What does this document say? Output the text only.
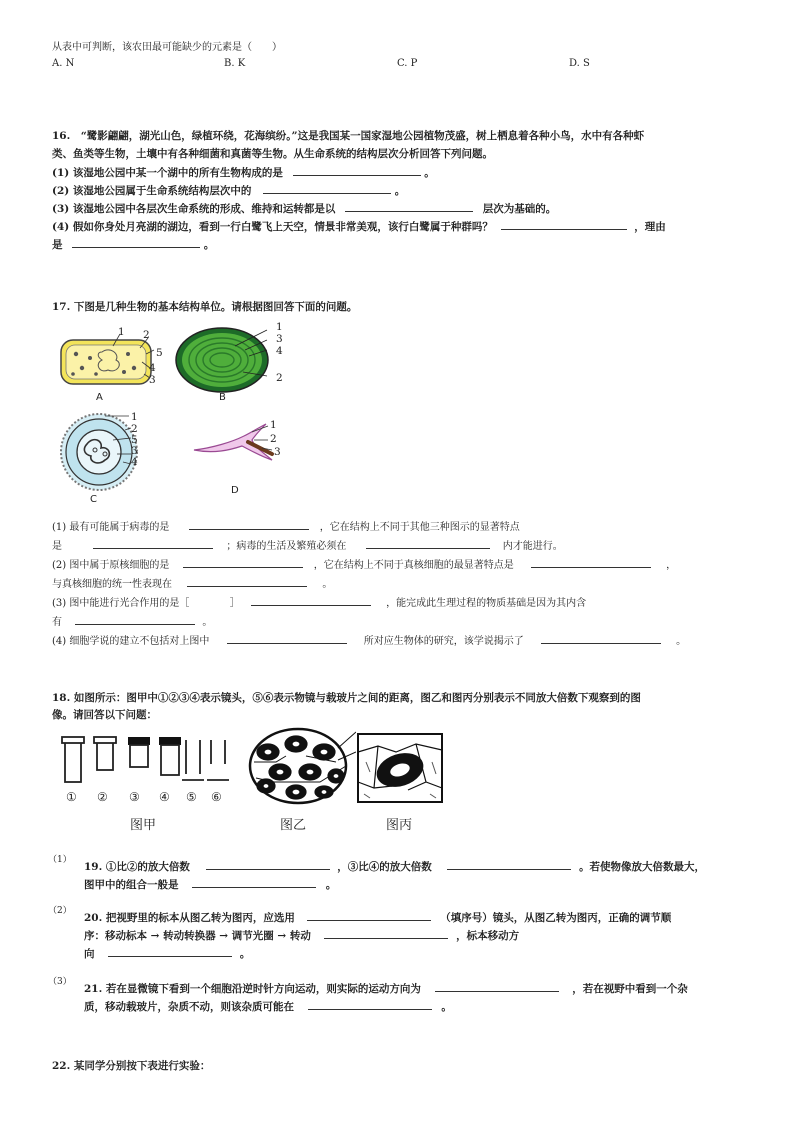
从表中可判断，该农田最可能缺少的元素是（　　）
A. N	B. K	C. P	D. S
16.　“鹭影翩翩，湖光山色，绿植环绕，花海缤纷。”这是我国某一国家湿地公园植物茂盛，树上栖息着各种小鸟，水中有各种虾
类、鱼类等生物，土壤中有各种细菌和真菌等生物。从生命系统的结构层次分析回答下列问题。
(1) 该湿地公园中某一个湖中的所有生物构成的是	。
(2) 该湿地公园属于生命系统结构层次中的	。
(3) 该湿地公园中各层次生命系统的形成、维持和运转都是以	层次为基础的。
(4) 假如你身处月亮湖的湖边，看到一行白鹭飞上天空，情景非常美观，该行白鹭属于种群吗？	，理由
是	。
17. 下图是几种生物的基本结构单位。请根据图回答下面的问题。
1 2
5
4
3
A
1
3
4
2
B
1
2
5
3
4
C
1
2
3
D
(1) 最有可能属于病毒的是	，它在结构上不同于其他三种图示的显著特点
是	；病毒的生活及繁殖必须在	内才能进行。
(2) 图中属于原核细胞的是	，它在结构上不同于真核细胞的最显著特点是	，
与真核细胞的统一性表现在	。
(3) 图中能进行光合作用的是［	］	，能完成此生理过程的物质基础是因为其内含
有	。
(4) 细胞学说的建立不包括对上图中	所对应生物体的研究，该学说揭示了	。
18. 如图所示：图甲中①②③④表示镜头，⑤⑥表示物镜与载玻片之间的距离，图乙和图丙分别表示不同放大倍数下观察到的图
像。请回答以下问题：
① ② ③ ④ ⑤ ⑥
图甲	图乙	图丙
（1）
19. ①比②的放大倍数	，③比④的放大倍数	。若使物像放大倍数最大，
图甲中的组合一般是	。
（2）
20. 把视野里的标本从图乙转为图丙，应选用	（填序号）镜头，从图乙转为图丙，正确的调节顺
序：移动标本 → 转动转换器 → 调节光圈 → 转动	，标本移动方
向	。
（3）
21. 若在显微镜下看到一个细胞沿逆时针方向运动，则实际的运动方向为	，若在视野中看到一个杂
质，移动载玻片，杂质不动，则该杂质可能在	。
22. 某同学分别按下表进行实验：
